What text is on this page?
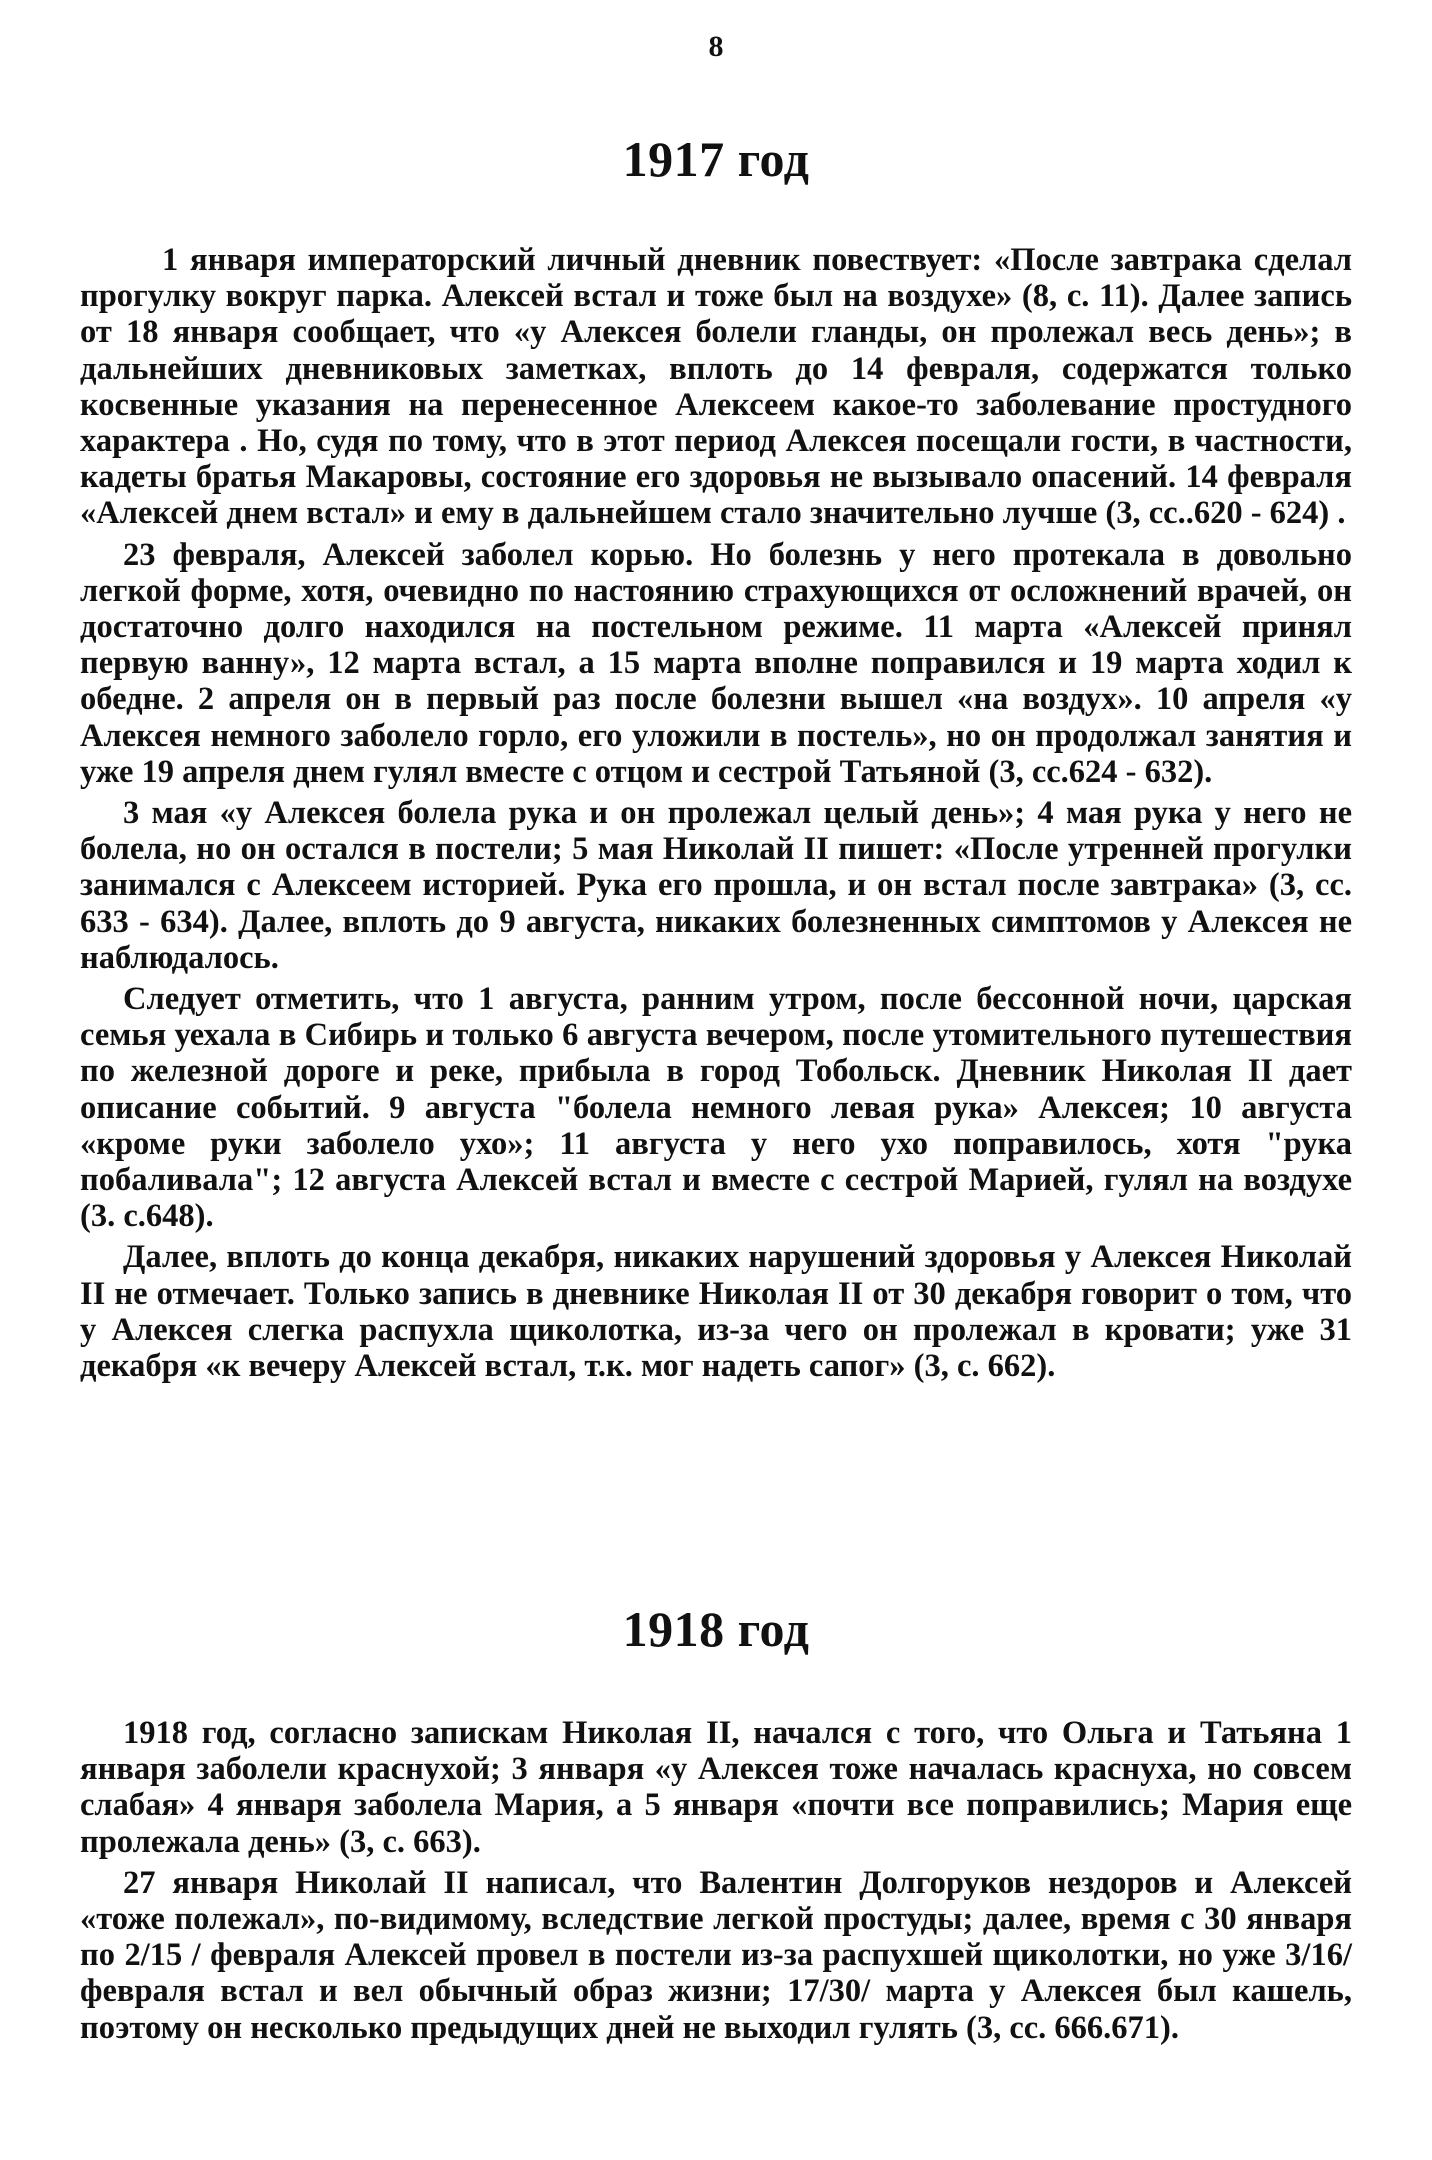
8
1917 год

1 января императорский личный дневник повествует: «После завтрака сделал прогулку вокруг парка. Алексей встал и тоже был на воздухе» (8, с. 11). Далее запись от 18 января сообщает, что «у Алексея болели гланды, он пролежал весь день»; в дальнейших дневниковых заметках, вплоть до 14 февраля, содержатся только косвенные указания на перенесенное Алексеем какое-то заболевание простудного характера . Но, судя по тому, что в этот период Алексея посещали гости, в частности, кадеты братья Макаровы, состояние его здоровья не вызывало опасений. 14 февраля «Алексей днем встал» и ему в дальнейшем стало значительно лучше (3, сс..620 - 624) .

23 февраля, Алексей заболел корью. Но болезнь у него протекала в довольно легкой форме, хотя, очевидно по настоянию страхующихся от осложнений врачей, он достаточно долго находился на постельном режиме. 11 марта «Алексей принял первую ванну», 12 марта встал, а 15 марта вполне поправился и 19 марта ходил к обедне. 2 апреля он в первый раз после болезни вышел «на воздух». 10 апреля «у Алексея немного заболело горло, его уложили в постель», но он продолжал занятия и уже 19 апреля днем гулял вместе с отцом и сестрой Татьяной (3, сс.624 - 632).

3 мая «у Алексея болела рука и он пролежал целый день»; 4 мая рука у него не болела, но он остался в постели; 5 мая Николай II пишет: «После утренней прогулки занимался с Алексеем историей. Рука его прошла, и он встал после завтрака» (3, сс. 633 - 634). Далее, вплоть до 9 августа, никаких болезненных симптомов у Алексея не наблюдалось.

Следует отметить, что 1 августа, ранним утром, после бессонной ночи, царская семья уехала в Сибирь и только 6 августа вечером, после утомительного путешествия по железной дороге и реке, прибыла в город Тобольск. Дневник Николая II дает описание событий. 9 августа "болела немного левая рука» Алексея; 10 августа «кроме руки заболело ухо»; 11 августа у него ухо поправилось, хотя "рука побаливала"; 12 августа Алексей встал и вместе с сестрой Марией, гулял на воздухе (3. с.648).

Далее, вплоть до конца декабря, никаких нарушений здоровья у Алексея Николай II не отмечает. Только запись в дневнике Николая II от 30 декабря говорит о том, что у Алексея слегка распухла щиколотка, из-за чего он пролежал в кровати; уже 31 декабря «к вечеру Алексей встал, т.к. мог надеть сапог» (3, с. 662).

1918 год

1918 год, согласно запискам Николая II, начался с того, что Ольга и Татьяна 1 января заболели краснухой; 3 января «у Алексея тоже началась краснуха, но совсем слабая» 4 января заболела Мария, а 5 января «почти все поправились; Мария еще пролежала день» (3, с. 663).

27 января Николай II написал, что Валентин Долгоруков нездоров и Алексей «тоже полежал», по-видимому, вследствие легкой простуды; далее, время с 30 января по 2/15 / февраля Алексей провел в постели из-за распухшей щиколотки, но уже 3/16/ февраля встал и вел обычный образ жизни; 17/30/ марта у Алексея был кашель, поэтому он несколько предыдущих дней не выходил гулять (3, сс. 666.671).
